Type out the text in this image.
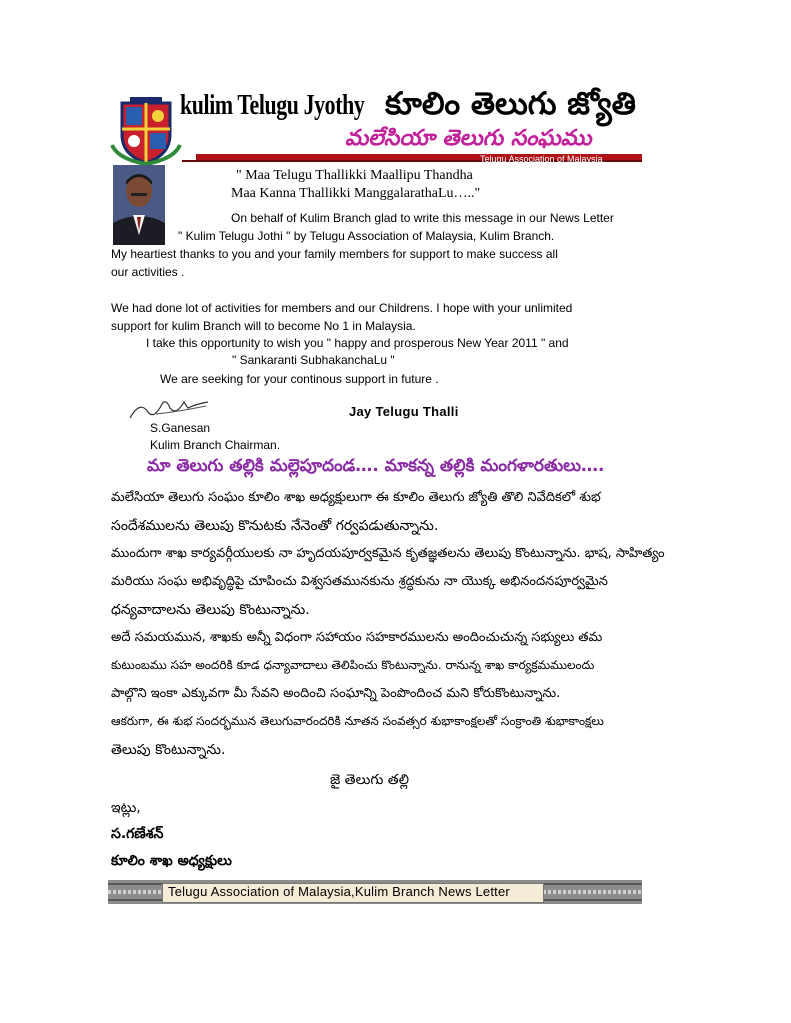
kulim Telugu Jyothy కూలిం తెలుగు జ్యోతి
మలేసియా తెలుగు సంఘము
Telugu Association of Malaysia
" Maa Telugu Thallikki Maallipu Thandha
Maa Kanna Thallikki ManggalarathaLu….."
On behalf of Kulim Branch glad to write this message in our News Letter
" Kulim Telugu Jothi " by Telugu Association of Malaysia, Kulim Branch.
My heartiest thanks to you and your family members for support to make success all
our activities .
We had done lot of activities for members and our Childrens. I hope with your unlimited
support for kulim Branch will to become No 1 in Malaysia.
I take this opportunity to wish you " happy and prosperous New Year 2011 " and
" Sankaranti SubhakanchaLu "
We are seeking for your continous support in future .
Jay Telugu Thalli
S.Ganesan
Kulim Branch Chairman.
మా తెలుగు తల్లికి మల్లెపూదండ…. మాకన్న తల్లికి మంగళారతులు….
మలేసియా తెలుగు సంఘం కూలిం శాఖ అధ్యక్షులుగా ఈ కూలిం తెలుగు జ్యోతి తొలి నివేదికలో శుభ
సందేశములను తెలుపు కొనుటకు నేనెంతో గర్వపడుతున్నాను.
ముందుగా శాఖ కార్యవర్గీయులకు నా హృదయపూర్వకమైన కృతజ్ఞతలను తెలుపు కొంటున్నాను. భాష, సాహిత్యం
మరియు సంఘ అభివృద్ధిపై చూపించు విశ్వసతమునకును శ్రద్ధకును నా యొక్క అభినందనపూర్వమైన
ధన్యవాదాలను తెలుపు కొంటున్నాను.
అదే సమయమున, శాఖకు అన్నీ విధంగా సహాయం సహకారములను అందించుచున్న సభ్యులు తమ
కుటుంబము సహ అందరికి కూడ ధన్యావాదాలు తెలిపించు కొంటున్నాను. రానున్న శాఖ కార్యక్రమములందు
పాల్గొని ఇంకా ఎక్కువగా మీ సేవని అందించి సంఘాన్ని పెంపొందించ మని కోరుకొంటున్నాను.
ఆకరుగా, ఈ శుభ సందర్భమున తెలుగువారందరికి నూతన సంవత్సర శుభాకాంక్షలతో సంక్రాంతి శుభాకాంక్షలు
తెలుపు కొంటున్నాను.
జై తెలుగు తల్లి
ఇట్లు,
స.గణేశన్
కూలిం శాఖ అధ్యక్షులు
Telugu Association of Malaysia,Kulim Branch News Letter
